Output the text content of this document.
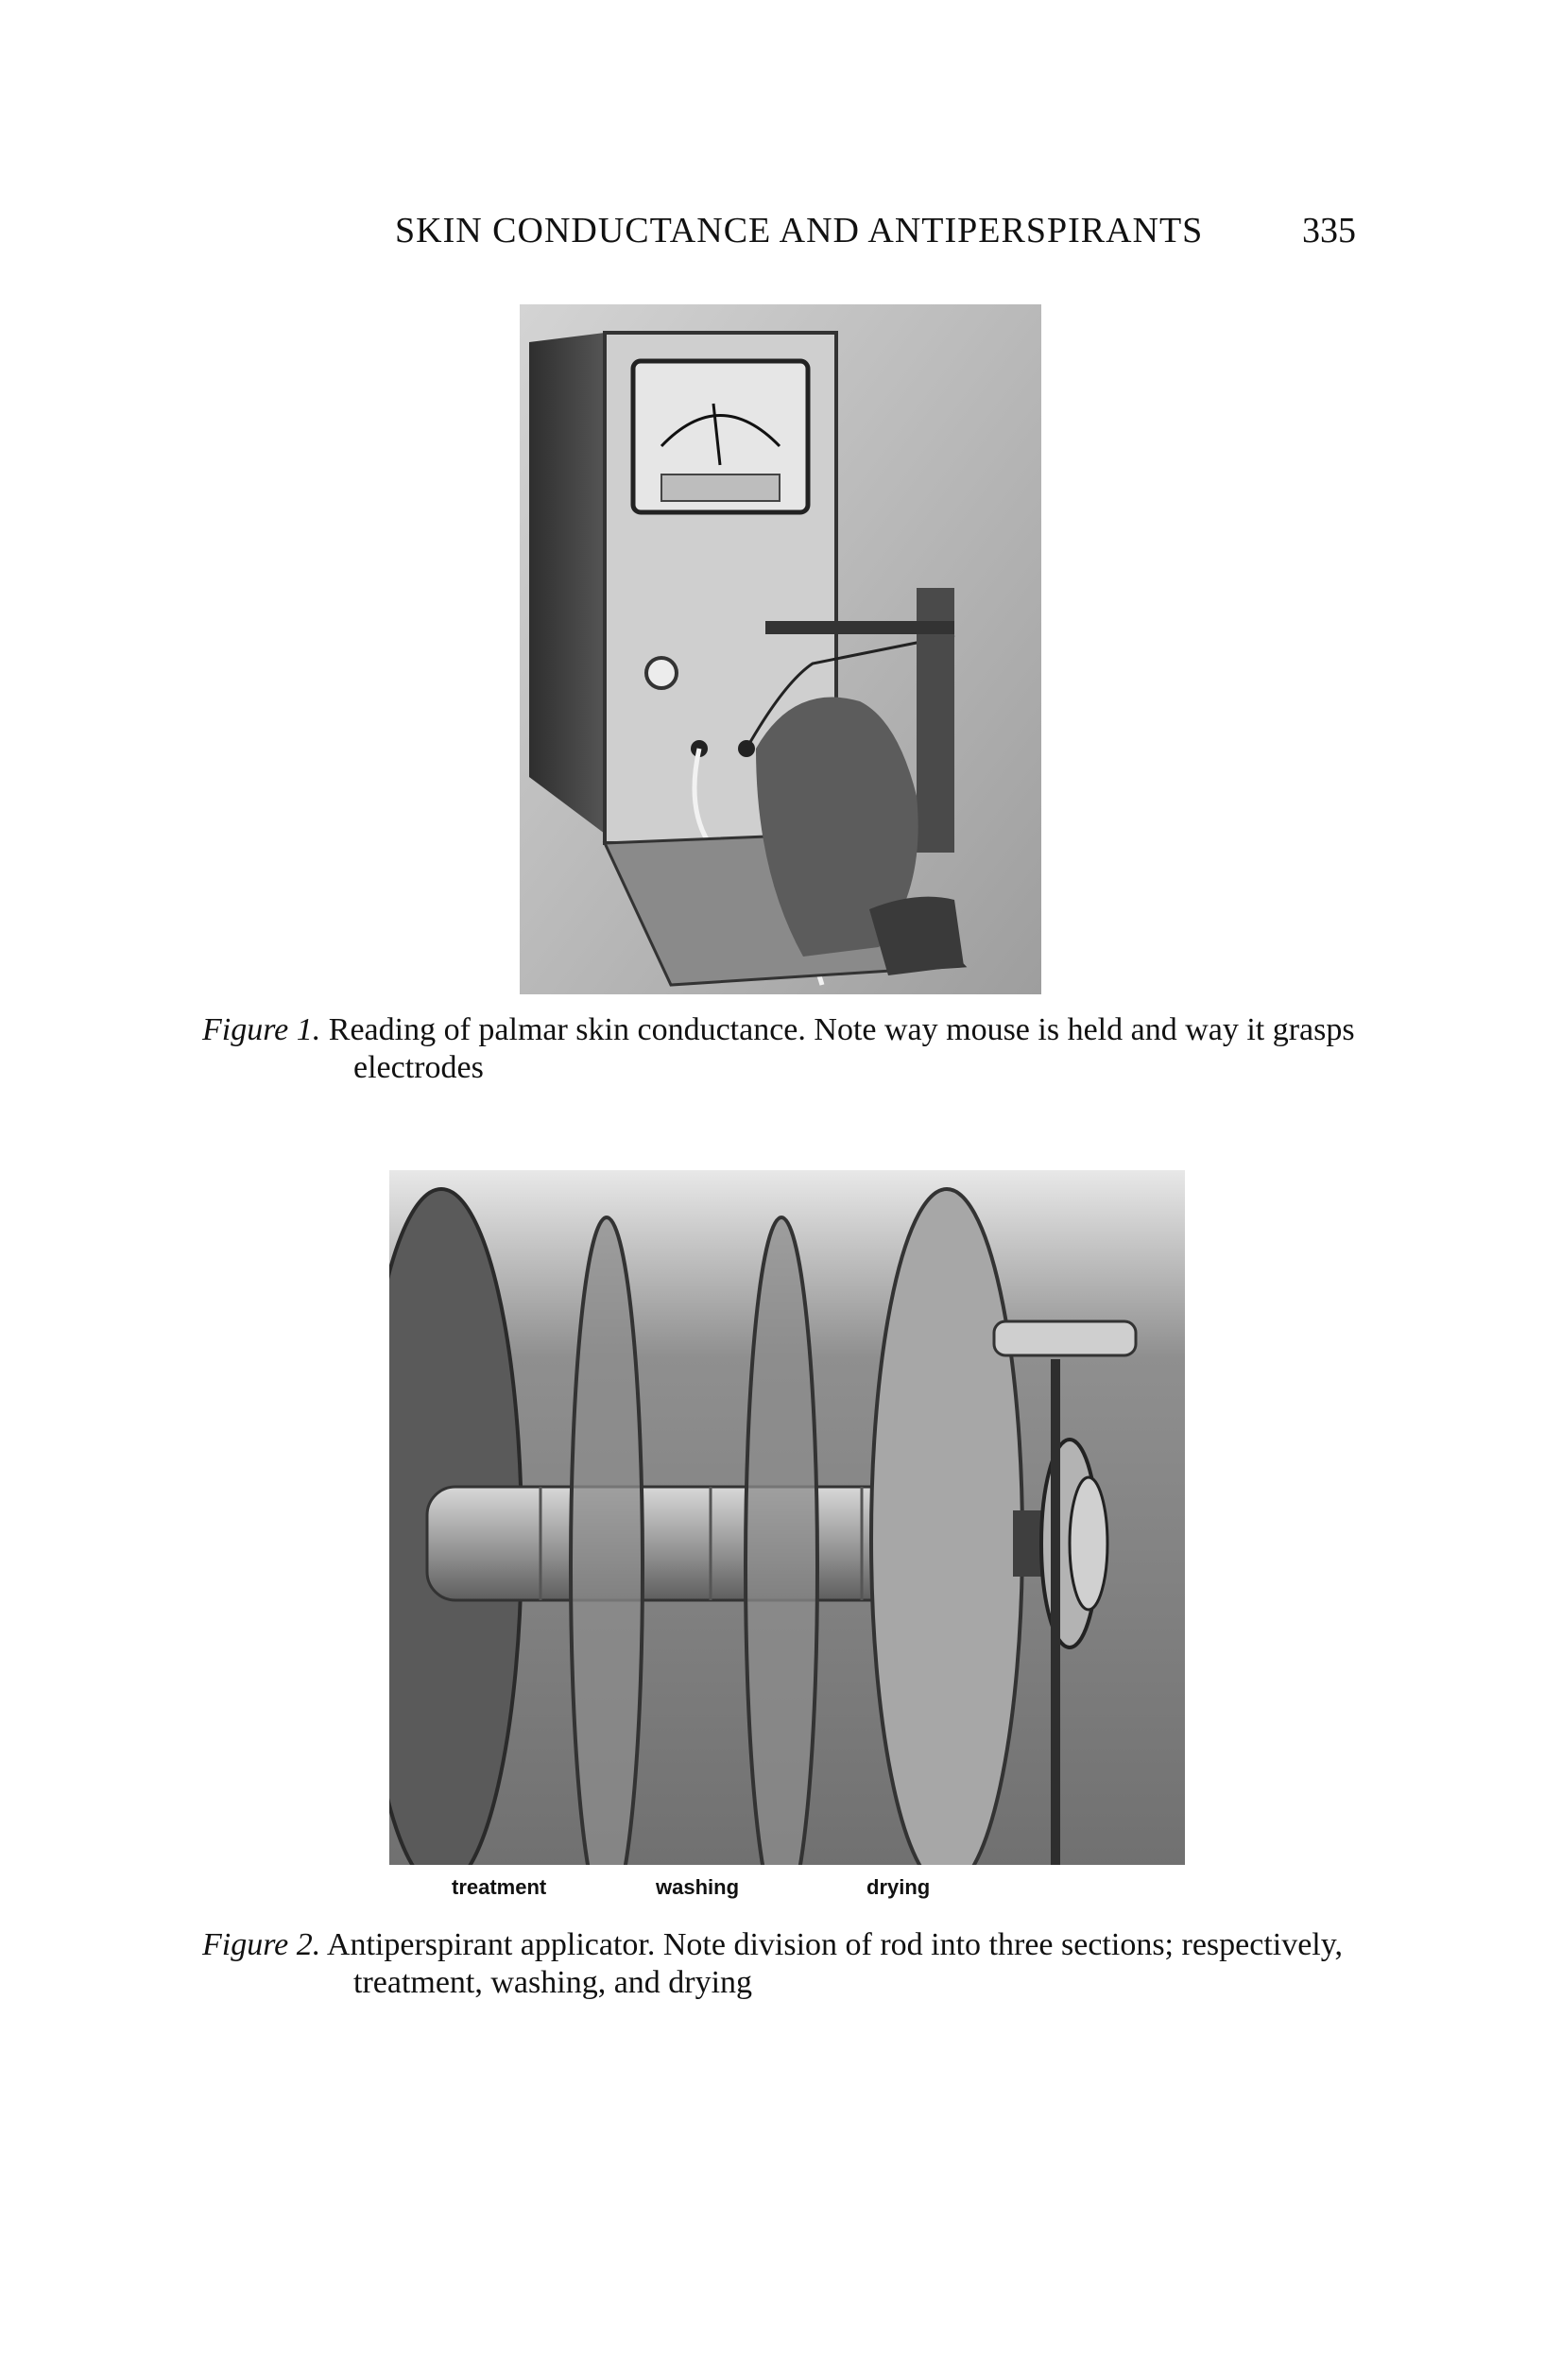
SKIN CONDUCTANCE AND ANTIPERSPIRANTS	335
Figure 1. Reading of palmar skin conductance. Note way mouse is held and way it grasps
electrodes
treatment	washing	drying
Figure 2. Antiperspirant applicator. Note division of rod into three sections; respectively,
treatment, washing, and drying
